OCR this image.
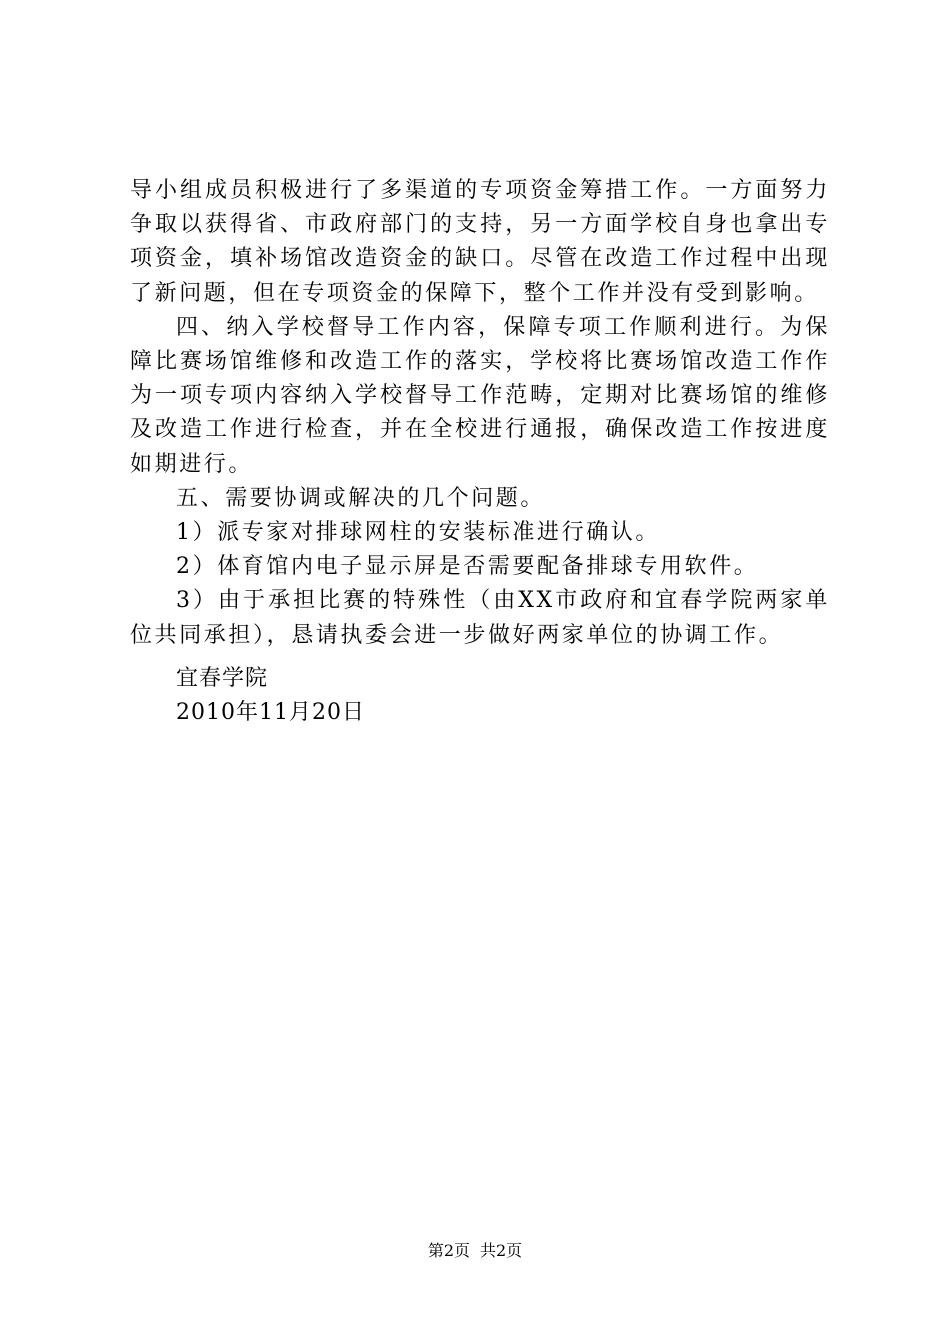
导小组成员积极进行了多渠道的专项资金筹措工作。一方面努力争取以获得省、市政府部门的支持，另一方面学校自身也拿出专项资金，填补场馆改造资金的缺口。尽管在改造工作过程中出现了新问题，但在专项资金的保障下，整个工作并没有受到影响。

四、纳入学校督导工作内容，保障专项工作顺利进行。为保障比赛场馆维修和改造工作的落实，学校将比赛场馆改造工作作为一项专项内容纳入学校督导工作范畴，定期对比赛场馆的维修及改造工作进行检查，并在全校进行通报，确保改造工作按进度如期进行。

五、需要协调或解决的几个问题。

1）派专家对排球网柱的安装标准进行确认。

2）体育馆内电子显示屏是否需要配备排球专用软件。

3）由于承担比赛的特殊性（由XX市政府和宜春学院两家单位共同承担），恳请执委会进一步做好两家单位的协调工作。

宜春学院

2010年11月20日

第2页 共2页
